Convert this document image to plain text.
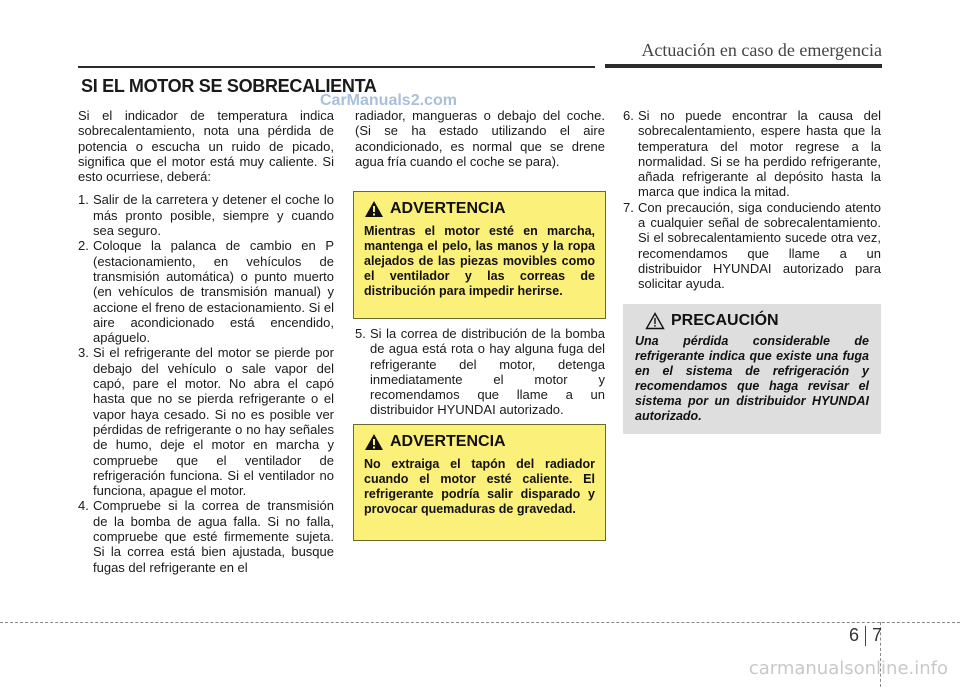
Actuación en caso de emergencia
SI EL MOTOR SE SOBRECALIENTA
CarManuals2.com

Si el indicador de temperatura indica sobrecalentamiento, nota una pérdida de potencia o escucha un ruido de picado, significa que el motor está muy caliente. Si esto ocurriese, deberá:

1. Salir de la carretera y detener el coche lo más pronto posible, siempre y cuando sea seguro.
2. Coloque la palanca de cambio en P (estacionamiento, en vehículos de transmisión automática) o punto muerto (en vehículos de transmisión manual) y accione el freno de estacionamiento. Si el aire acondicionado está encendido, apáguelo.
3. Si el refrigerante del motor se pierde por debajo del vehículo o sale vapor del capó, pare el motor. No abra el capó hasta que no se pierda refrigerante o el vapor haya cesado. Si no es posible ver pérdidas de refrigerante o no hay señales de humo, deje el motor en marcha y compruebe que el ventilador de refrigeración funciona. Si el ventilador no funciona, apague el motor.
4. Compruebe si la correa de transmisión de la bomba de agua falla. Si no falla, compruebe que esté firmemente sujeta. Si la correa está bien ajustada, busque fugas del refrigerante en el

radiador, mangueras o debajo del coche. (Si se ha estado utilizando el aire acondicionado, es normal que se drene agua fría cuando el coche se para).

ADVERTENCIA
Mientras el motor esté en marcha, mantenga el pelo, las manos y la ropa alejados de las piezas movibles como el ventilador y las correas de distribución para impedir herirse.
5. Si la correa de distribución de la bomba de agua está rota o hay alguna fuga del refrigerante del motor, detenga inmediatamente el motor y recomendamos que llame a un distribuidor HYUNDAI autorizado.
ADVERTENCIA
No extraiga el tapón del radiador cuando el motor esté caliente. El refrigerante podría salir disparado y provocar quemaduras de gravedad.
6. Si no puede encontrar la causa del sobrecalentamiento, espere hasta que la temperatura del motor regrese a la normalidad. Si se ha perdido refrigerante, añada refrigerante al depósito hasta la marca que indica la mitad.
7. Con precaución, siga conduciendo atento a cualquier señal de sobrecalentamiento. Si el sobrecalentamiento sucede otra vez, recomendamos que llame a un distribuidor HYUNDAI autorizado para solicitar ayuda.
PRECAUCIÓN
Una pérdida considerable de refrigerante indica que existe una fuga en el sistema de refrigeración y recomendamos que haga revisar el sistema por un distribuidor HYUNDAI autorizado.
6 7
carmanualsonline.info
